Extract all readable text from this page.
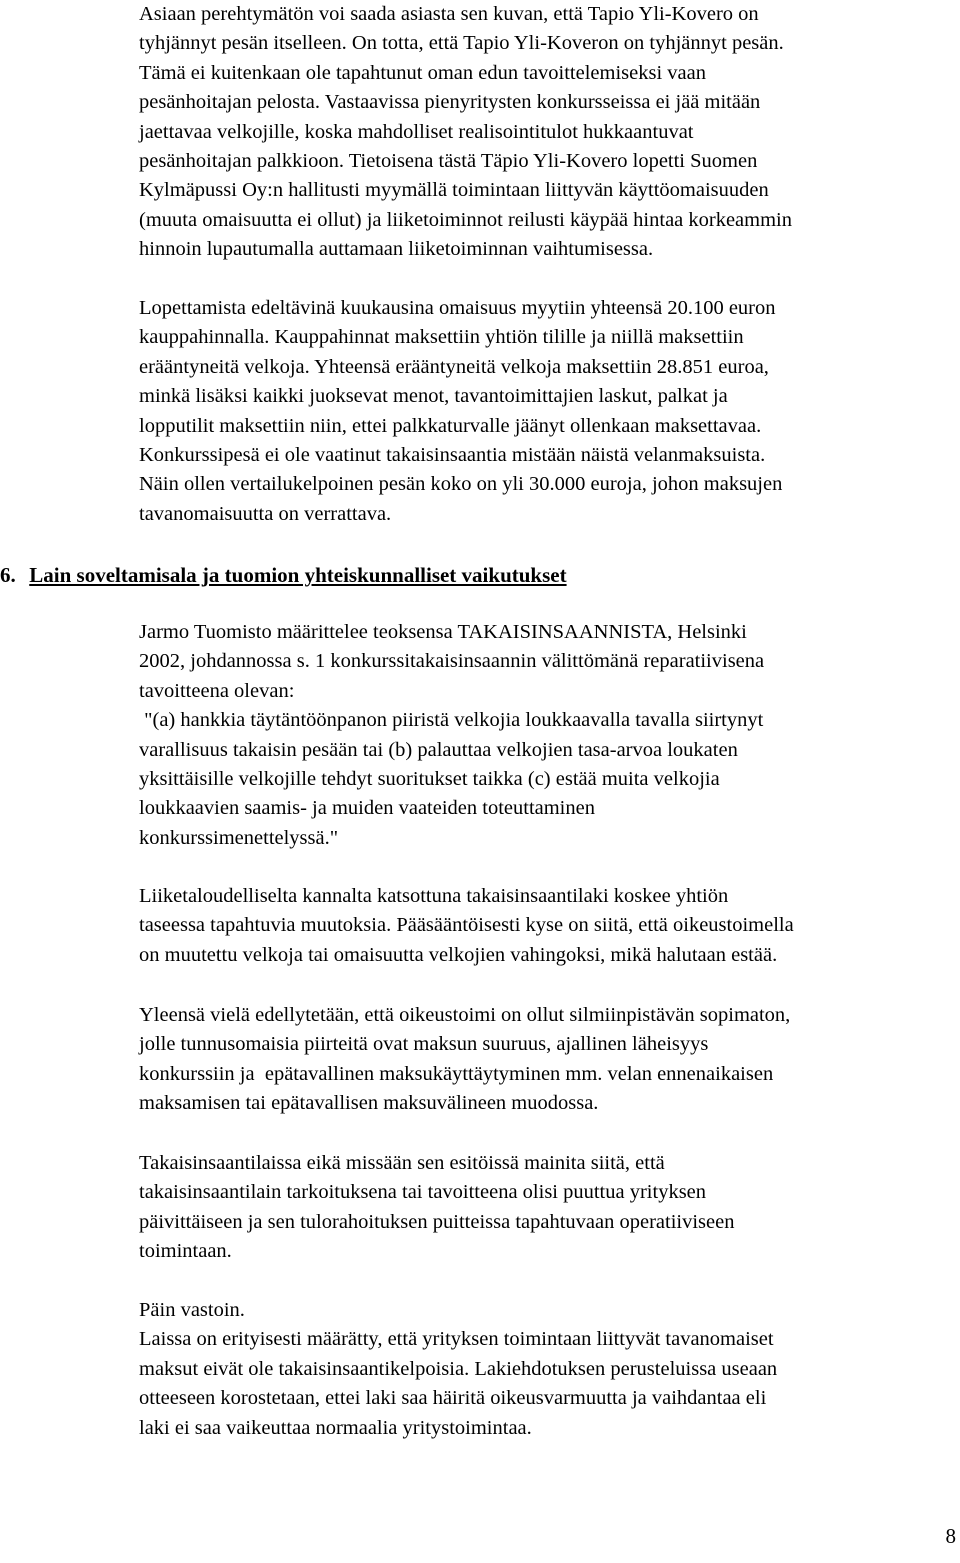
Asiaan perehtymätön voi saada asiasta sen kuvan, että Tapio Yli-Kovero on
tyhjännyt pesän itselleen. On totta, että Tapio Yli-Koveron on tyhjännyt pesän.
Tämä ei kuitenkaan ole tapahtunut oman edun tavoittelemiseksi vaan
pesänhoitajan pelosta. Vastaavissa pienyritysten konkursseissa ei jää mitään
jaettavaa velkojille, koska mahdolliset realisointitulot hukkaantuvat
pesänhoitajan palkkioon. Tietoisena tästä Täpio Yli-Kovero lopetti Suomen
Kylmäpussi Oy:n hallitusti myymällä toimintaan liittyvän käyttöomaisuuden
(muuta omaisuutta ei ollut) ja liiketoiminnot reilusti käypää hintaa korkeammin
hinnoin lupautumalla auttamaan liiketoiminnan vaihtumisessa.
Lopettamista edeltävinä kuukausina omaisuus myytiin yhteensä 20.100 euron
kauppahinnalla. Kauppahinnat maksettiin yhtiön tilille ja niillä maksettiin
erääntyneitä velkoja. Yhteensä erääntyneitä velkoja maksettiin 28.851 euroa,
minkä lisäksi kaikki juoksevat menot, tavantoimittajien laskut, palkat ja
lopputilit maksettiin niin, ettei palkkaturvalle jäänyt ollenkaan maksettavaa.
Konkurssipesä ei ole vaatinut takaisinsaantia mistään näistä velanmaksuista.
Näin ollen vertailukelpoinen pesän koko on yli 30.000 euroja, johon maksujen
tavanomaisuutta on verrattava.
6. Lain soveltamisala ja tuomion yhteiskunnalliset vaikutukset
Jarmo Tuomisto määrittelee teoksensa TAKAISINSAANNISTA, Helsinki
2002, johdannossa s. 1 konkurssitakaisinsaannin välittömänä reparatiivisena
tavoitteena olevan:
"(a) hankkia täytäntöönpanon piiristä velkojia loukkaavalla tavalla siirtynyt
varallisuus takaisin pesään tai (b) palauttaa velkojien tasa-arvoa loukaten
yksittäisille velkojille tehdyt suoritukset taikka (c) estää muita velkojia
loukkaavien saamis- ja muiden vaateiden toteuttaminen
konkurssimenettelyssä."
Liiketaloudelliselta kannalta katsottuna takaisinsaantilaki koskee yhtiön
taseessa tapahtuvia muutoksia. Pääsääntöisesti kyse on siitä, että oikeustoimella
on muutettu velkoja tai omaisuutta velkojien vahingoksi, mikä halutaan estää.
Yleensä vielä edellytetään, että oikeustoimi on ollut silmiinpistävän sopimaton,
jolle tunnusomaisia piirteitä ovat maksun suuruus, ajallinen läheisyys
konkurssiin ja  epätavallinen maksukäyttäytyminen mm. velan ennenaikaisen
maksamisen tai epätavallisen maksuvälineen muodossa.
Takaisinsaantilaissa eikä missään sen esitöissä mainita siitä, että
takaisinsaantilain tarkoituksena tai tavoitteena olisi puuttua yrityksen
päivittäiseen ja sen tulorahoituksen puitteissa tapahtuvaan operatiiviseen
toimintaan.
Päin vastoin.
Laissa on erityisesti määrätty, että yrityksen toimintaan liittyvät tavanomaiset
maksut eivät ole takaisinsaantikelpoisia. Lakiehdotuksen perusteluissa useaan
otteeseen korostetaan, ettei laki saa häiritä oikeusvarmuutta ja vaihdantaa eli
laki ei saa vaikeuttaa normaalia yritystoimintaa.
8
